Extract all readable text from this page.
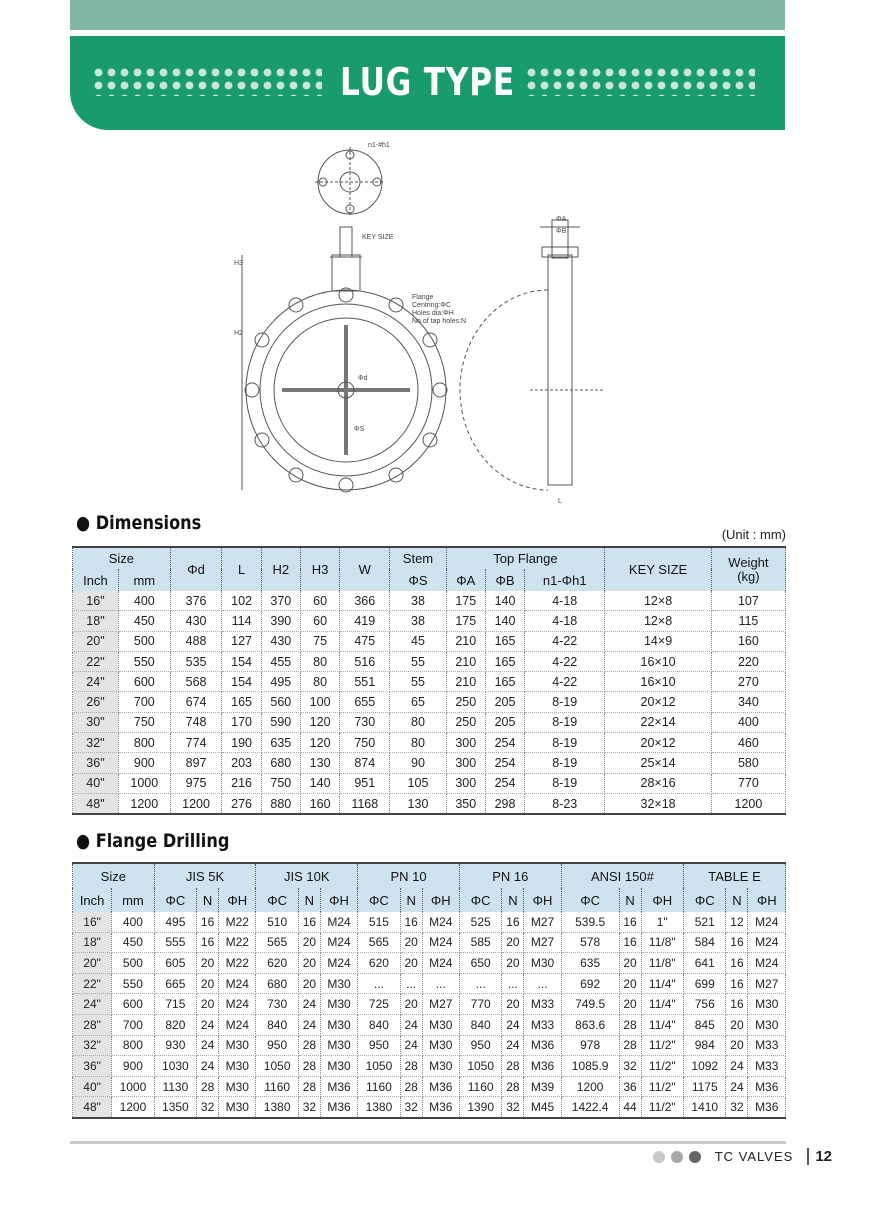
LUG TYPE
n1-#h1
KEY SIZE
Flange
Centring:ΦC
Holes dia:ΦH
No.of tap holes:N
H3
H2
Φd
ΦA
ΦB
ΦS
L
● Dimensions
(Unit : mm)
Size		Φd	L	H2	H3	W	Stem	Top Flange			KEY SIZE	Weight
(kg)
Inch	mm						ΦS	ΦA	ΦB	n1-Φh1		
16"	400	376	102	370	60	366	38	175	140	4-18	12×8	107
18"	450	430	114	390	60	419	38	175	140	4-18	12×8	115
20"	500	488	127	430	75	475	45	210	165	4-22	14×9	160
22"	550	535	154	455	80	516	55	210	165	4-22	16×10	220
24"	600	568	154	495	80	551	55	210	165	4-22	16×10	270
26"	700	674	165	560	100	655	65	250	205	8-19	20×12	340
30"	750	748	170	590	120	730	80	250	205	8-19	22×14	400
32"	800	774	190	635	120	750	80	300	254	8-19	20×12	460
36"	900	897	203	680	130	874	90	300	254	8-19	25×14	580
40"	1000	975	216	750	140	951	105	300	254	8-19	28×16	770
48"	1200	1200	276	880	160	1168	130	350	298	8-23	32×18	1200
● Flange Drilling
Size		JIS 5K			JIS 10K			PN 10			PN 16			ANSI 150#			TABLE E		
Inch	mm	ΦC	N	ΦH	ΦC	N	ΦH	ΦC	N	ΦH	ΦC	N	ΦH	ΦC	N	ΦH	ΦC	N	ΦH
16"	400	495	16	M22	510	16	M24	515	16	M24	525	16	M27	539.5	16	1"	521	12	M24
18"	450	555	16	M22	565	20	M24	565	20	M24	585	20	M27	578	16	11/8"	584	16	M24
20"	500	605	20	M22	620	20	M24	620	20	M24	650	20	M30	635	20	11/8"	641	16	M24
22"	550	665	20	M24	680	20	M30	...	...	...	...	...	...	692	20	11/4"	699	16	M27
24"	600	715	20	M24	730	24	M30	725	20	M27	770	20	M33	749.5	20	11/4"	756	16	M30
28"	700	820	24	M24	840	24	M30	840	24	M30	840	24	M33	863.6	28	11/4"	845	20	M30
32"	800	930	24	M30	950	28	M30	950	24	M30	950	24	M36	978	28	11/2"	984	20	M33
36"	900	1030	24	M30	1050	28	M30	1050	28	M30	1050	28	M36	1085.9	32	11/2"	1092	24	M33
40"	1000	1130	28	M30	1160	28	M36	1160	28	M36	1160	28	M39	1200	36	11/2"	1175	24	M36
48"	1200	1350	32	M30	1380	32	M36	1380	32	M36	1390	32	M45	1422.4	44	11/2"	1410	32	M36
TC VALVES	12
